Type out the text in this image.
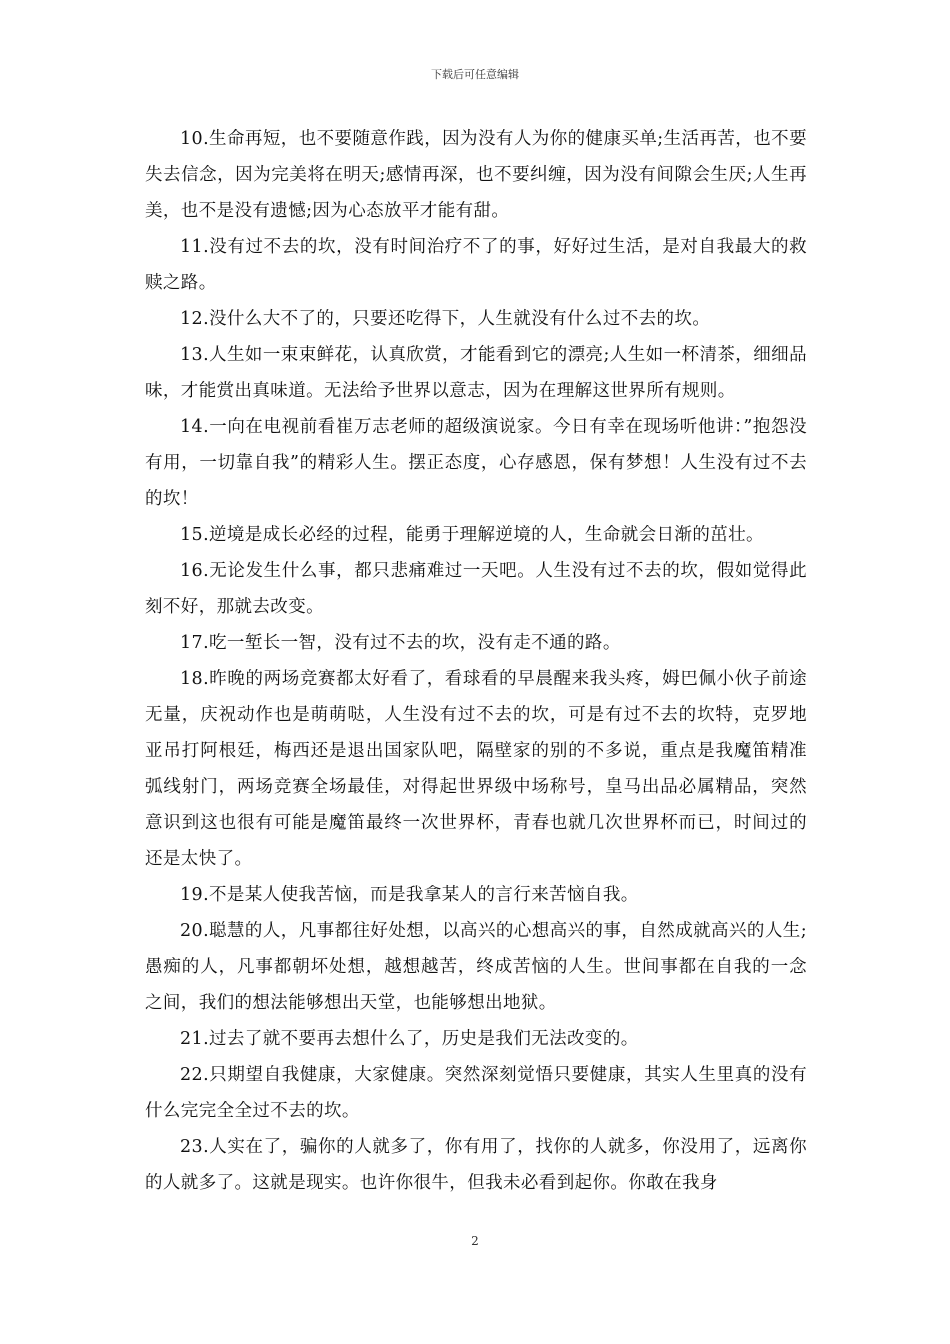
下载后可任意编辑

10.生命再短，也不要随意作践，因为没有人为你的健康买单;生活再苦，也不要失去信念，因为完美将在明天;感情再深，也不要纠缠，因为没有间隙会生厌;人生再美，也不是没有遗憾;因为心态放平才能有甜。

11.没有过不去的坎，没有时间治疗不了的事，好好过生活，是对自我最大的救赎之路。

12.没什么大不了的，只要还吃得下，人生就没有什么过不去的坎。

13.人生如一束束鲜花，认真欣赏，才能看到它的漂亮;人生如一杯清茶，细细品味，才能赏出真味道。无法给予世界以意志，因为在理解这世界所有规则。

14.一向在电视前看崔万志老师的超级演说家。今日有幸在现场听他讲：”抱怨没有用，一切靠自我”的精彩人生。摆正态度，心存感恩，保有梦想！人生没有过不去的坎！

15.逆境是成长必经的过程，能勇于理解逆境的人，生命就会日渐的茁壮。

16.无论发生什么事，都只悲痛难过一天吧。人生没有过不去的坎，假如觉得此刻不好，那就去改变。

17.吃一堑长一智，没有过不去的坎，没有走不通的路。

18.昨晚的两场竞赛都太好看了，看球看的早晨醒来我头疼，姆巴佩小伙子前途无量，庆祝动作也是萌萌哒，人生没有过不去的坎，可是有过不去的坎特，克罗地亚吊打阿根廷，梅西还是退出国家队吧，隔壁家的别的不多说，重点是我魔笛精准弧线射门，两场竞赛全场最佳，对得起世界级中场称号，皇马出品必属精品，突然意识到这也很有可能是魔笛最终一次世界杯，青春也就几次世界杯而已，时间过的还是太快了。

19.不是某人使我苦恼，而是我拿某人的言行来苦恼自我。

20.聪慧的人，凡事都往好处想，以高兴的心想高兴的事，自然成就高兴的人生;愚痴的人，凡事都朝坏处想，越想越苦，终成苦恼的人生。世间事都在自我的一念之间，我们的想法能够想出天堂，也能够想出地狱。

21.过去了就不要再去想什么了，历史是我们无法改变的。

22.只期望自我健康，大家健康。突然深刻觉悟只要健康，其实人生里真的没有什么完完全全过不去的坎。

23.人实在了，骗你的人就多了，你有用了，找你的人就多，你没用了，远离你的人就多了。这就是现实。也许你很牛，但我未必看到起你。你敢在我身

2
